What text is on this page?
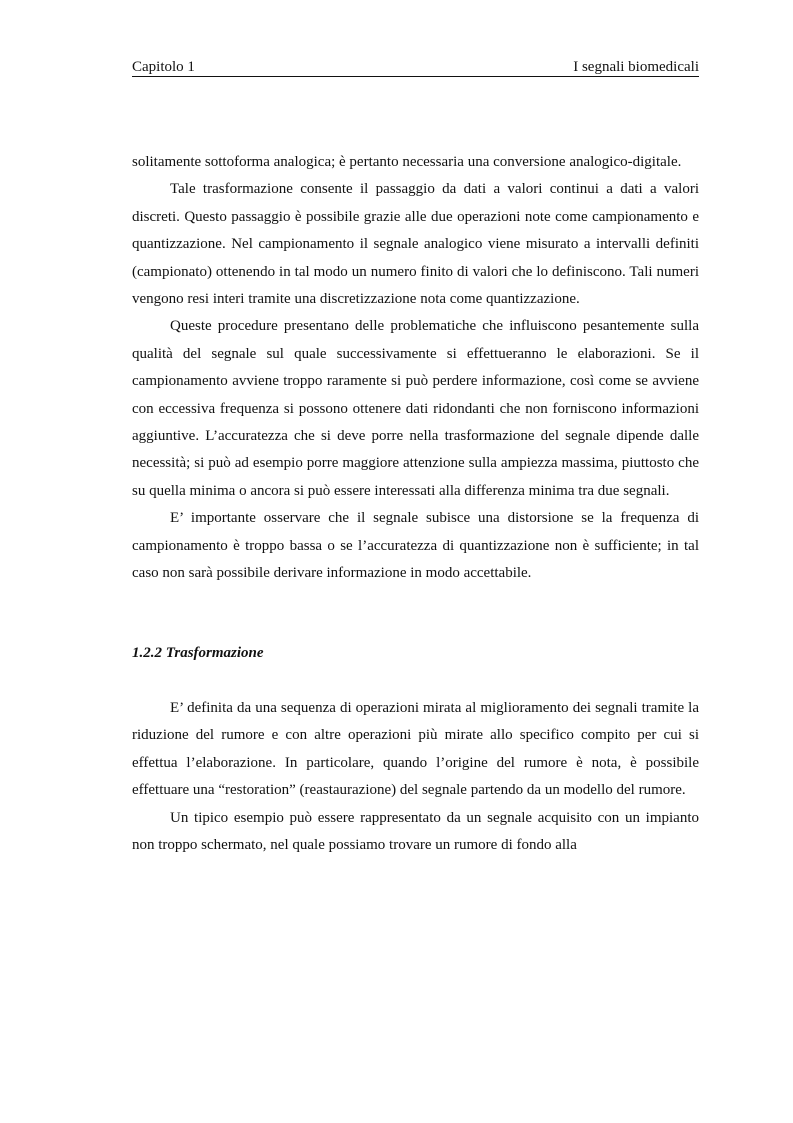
Capitolo 1	I segnali biomedicali

solitamente sottoforma analogica; è pertanto necessaria una conversione analogico-digitale.

Tale trasformazione consente il passaggio da dati a valori continui a dati a valori discreti. Questo passaggio è possibile grazie alle due operazioni note come campionamento e quantizzazione. Nel campionamento il segnale analogico viene misurato a intervalli definiti (campionato) ottenendo in tal modo un numero finito di valori che lo definiscono. Tali numeri vengono resi interi tramite una discretizzazione nota come quantizzazione.

Queste procedure presentano delle problematiche che influiscono pesantemente sulla qualità del segnale sul quale successivamente si effettueranno le elaborazioni. Se il campionamento avviene troppo raramente si può perdere informazione, così come se avviene con eccessiva frequenza si possono ottenere dati ridondanti che non forniscono informazioni aggiuntive. L’accuratezza che si deve porre nella trasformazione del segnale dipende dalle necessità; si può ad esempio porre maggiore attenzione sulla ampiezza massima, piuttosto che su quella minima o ancora si può essere interessati alla differenza minima tra due segnali.

E’ importante osservare che il segnale subisce una distorsione se la frequenza di campionamento è troppo bassa o se l’accuratezza di quantizzazione non è sufficiente; in tal caso non sarà possibile derivare informazione in modo accettabile.

1.2.2 Trasformazione

E’ definita da una sequenza di operazioni mirata al miglioramento dei segnali tramite la riduzione del rumore e con altre operazioni più mirate allo specifico compito per cui si effettua l’elaborazione. In particolare, quando l’origine del rumore è nota, è possibile effettuare una “restoration” (reastaurazione) del segnale partendo da un modello del rumore.

Un tipico esempio può essere rappresentato da un segnale acquisito con un impianto non troppo schermato, nel quale possiamo trovare un rumore di fondo alla
